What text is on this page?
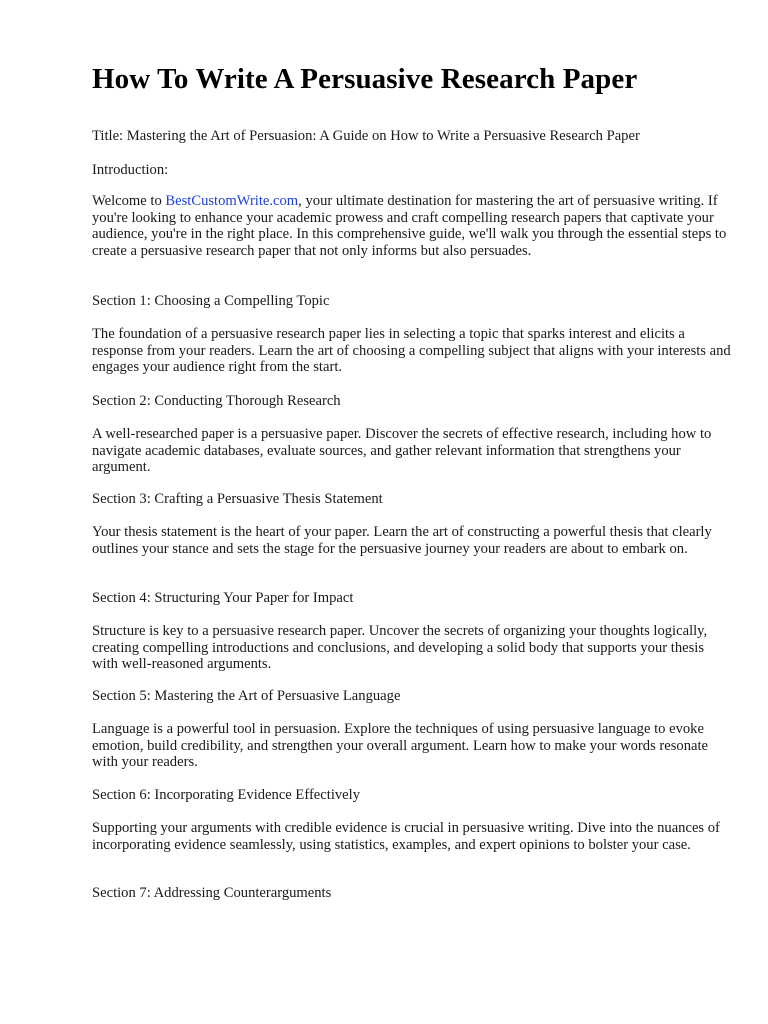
How To Write A Persuasive Research Paper

Title: Mastering the Art of Persuasion: A Guide on How to Write a Persuasive Research Paper

Introduction:

Welcome to BestCustomWrite.com, your ultimate destination for mastering the art of persuasive writing. If you're looking to enhance your academic prowess and craft compelling research papers that captivate your audience, you're in the right place. In this comprehensive guide, we'll walk you through the essential steps to create a persuasive research paper that not only informs but also persuades.

Section 1: Choosing a Compelling Topic

The foundation of a persuasive research paper lies in selecting a topic that sparks interest and elicits a response from your readers. Learn the art of choosing a compelling subject that aligns with your interests and engages your audience right from the start.

Section 2: Conducting Thorough Research

A well-researched paper is a persuasive paper. Discover the secrets of effective research, including how to navigate academic databases, evaluate sources, and gather relevant information that strengthens your argument.

Section 3: Crafting a Persuasive Thesis Statement

Your thesis statement is the heart of your paper. Learn the art of constructing a powerful thesis that clearly outlines your stance and sets the stage for the persuasive journey your readers are about to embark on.

Section 4: Structuring Your Paper for Impact

Structure is key to a persuasive research paper. Uncover the secrets of organizing your thoughts logically, creating compelling introductions and conclusions, and developing a solid body that supports your thesis with well-reasoned arguments.

Section 5: Mastering the Art of Persuasive Language

Language is a powerful tool in persuasion. Explore the techniques of using persuasive language to evoke emotion, build credibility, and strengthen your overall argument. Learn how to make your words resonate with your readers.

Section 6: Incorporating Evidence Effectively

Supporting your arguments with credible evidence is crucial in persuasive writing. Dive into the nuances of incorporating evidence seamlessly, using statistics, examples, and expert opinions to bolster your case.

Section 7: Addressing Counterarguments
